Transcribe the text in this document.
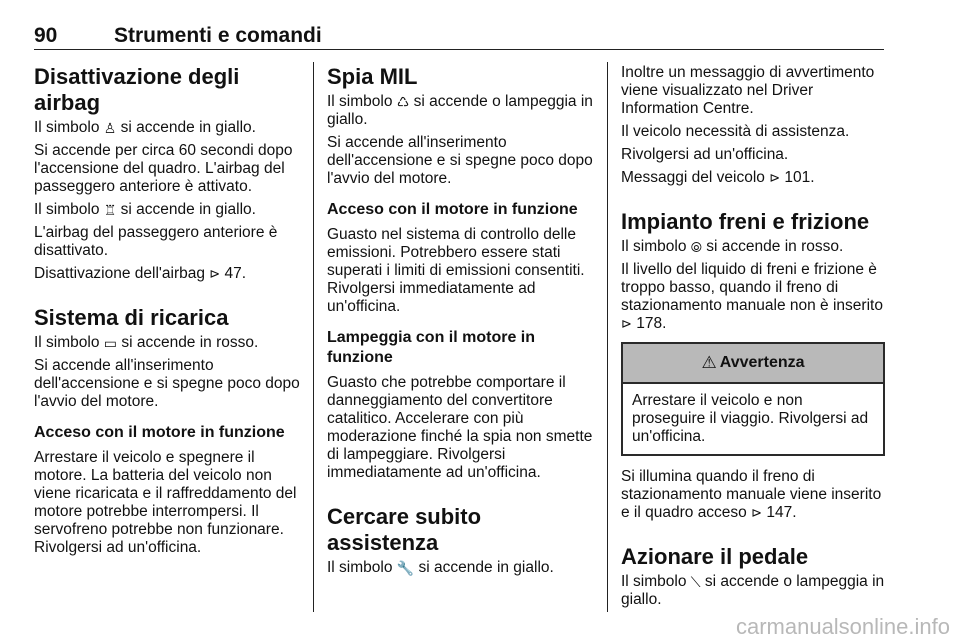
90	Strumenti e comandi
Disattivazione degli airbag

Il simbolo ♙ si accende in giallo.

Si accende per circa 60 secondi dopo l'accensione del quadro. L'airbag del passeggero anteriore è attivato.

Il simbolo ♖ si accende in giallo.

L'airbag del passeggero anteriore è disattivato.

Disattivazione dell'airbag ⊳ 47.

Sistema di ricarica

Il simbolo ▭ si accende in rosso.

Si accende all'inserimento dell'accensione e si spegne poco dopo l'avvio del motore.

Acceso con il motore in funzione

Arrestare il veicolo e spegnere il motore. La batteria del veicolo non viene ricaricata e il raffreddamento del motore potrebbe interrompersi. Il servofreno potrebbe non funzionare. Rivolgersi ad un'officina.

Spia MIL

Il simbolo ♺ si accende o lampeggia in giallo.

Si accende all'inserimento dell'accensione e si spegne poco dopo l'avvio del motore.

Acceso con il motore in funzione

Guasto nel sistema di controllo delle emissioni. Potrebbero essere stati superati i limiti di emissioni consentiti. Rivolgersi immediatamente ad un'officina.

Lampeggia con il motore in funzione

Guasto che potrebbe comportare il danneggiamento del convertitore catalitico. Accelerare con più moderazione finché la spia non smette di lampeggiare. Rivolgersi immediatamente ad un'officina.

Cercare subito assistenza

Il simbolo 🔧 si accende in giallo.

Inoltre un messaggio di avvertimento viene visualizzato nel Driver Information Centre.

Il veicolo necessità di assistenza.

Rivolgersi ad un'officina.

Messaggi del veicolo ⊳ 101.

Impianto freni e frizione

Il simbolo ⦾ si accende in rosso.

Il livello del liquido di freni e frizione è troppo basso, quando il freno di stazionamento manuale non è inserito ⊳ 178.

⚠ Avvertenza

Arrestare il veicolo e non proseguire il viaggio. Rivolgersi ad un'officina.

Si illumina quando il freno di stazionamento manuale viene inserito e il quadro acceso ⊳ 147.

Azionare il pedale

Il simbolo ⟍ si accende o lampeggia in giallo.

carmanualsonline.info
